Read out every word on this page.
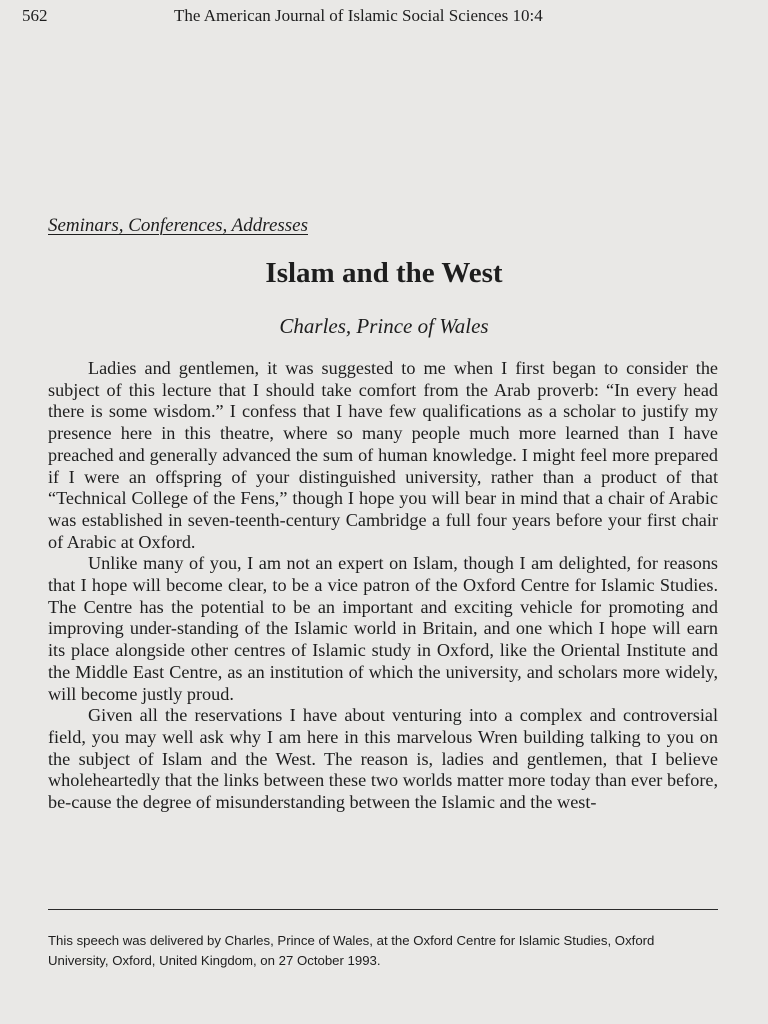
562	The American Journal of Islamic Social Sciences 10:4
Seminars, Conferences, Addresses
Islam and the West
Charles, Prince of Wales

Ladies and gentlemen, it was suggested to me when I first began to consider the subject of this lecture that I should take comfort from the Arab proverb: “In every head there is some wisdom.” I confess that I have few qualifications as a scholar to justify my presence here in this theatre, where so many people much more learned than I have preached and generally advanced the sum of human knowledge. I might feel more prepared if I were an offspring of your distinguished university, rather than a product of that “Technical College of the Fens,” though I hope you will bear in mind that a chair of Arabic was established in seven-teenth-century Cambridge a full four years before your first chair of Arabic at Oxford.

Unlike many of you, I am not an expert on Islam, though I am delighted, for reasons that I hope will become clear, to be a vice patron of the Oxford Centre for Islamic Studies. The Centre has the potential to be an important and exciting vehicle for promoting and improving under-standing of the Islamic world in Britain, and one which I hope will earn its place alongside other centres of Islamic study in Oxford, like the Oriental Institute and the Middle East Centre, as an institution of which the university, and scholars more widely, will become justly proud.

Given all the reservations I have about venturing into a complex and controversial field, you may well ask why I am here in this marvelous Wren building talking to you on the subject of Islam and the West. The reason is, ladies and gentlemen, that I believe wholeheartedly that the links between these two worlds matter more today than ever before, be-cause the degree of misunderstanding between the Islamic and the west-

This speech was delivered by Charles, Prince of Wales, at the Oxford Centre for Islamic Studies, Oxford University, Oxford, United Kingdom, on 27 October 1993.
